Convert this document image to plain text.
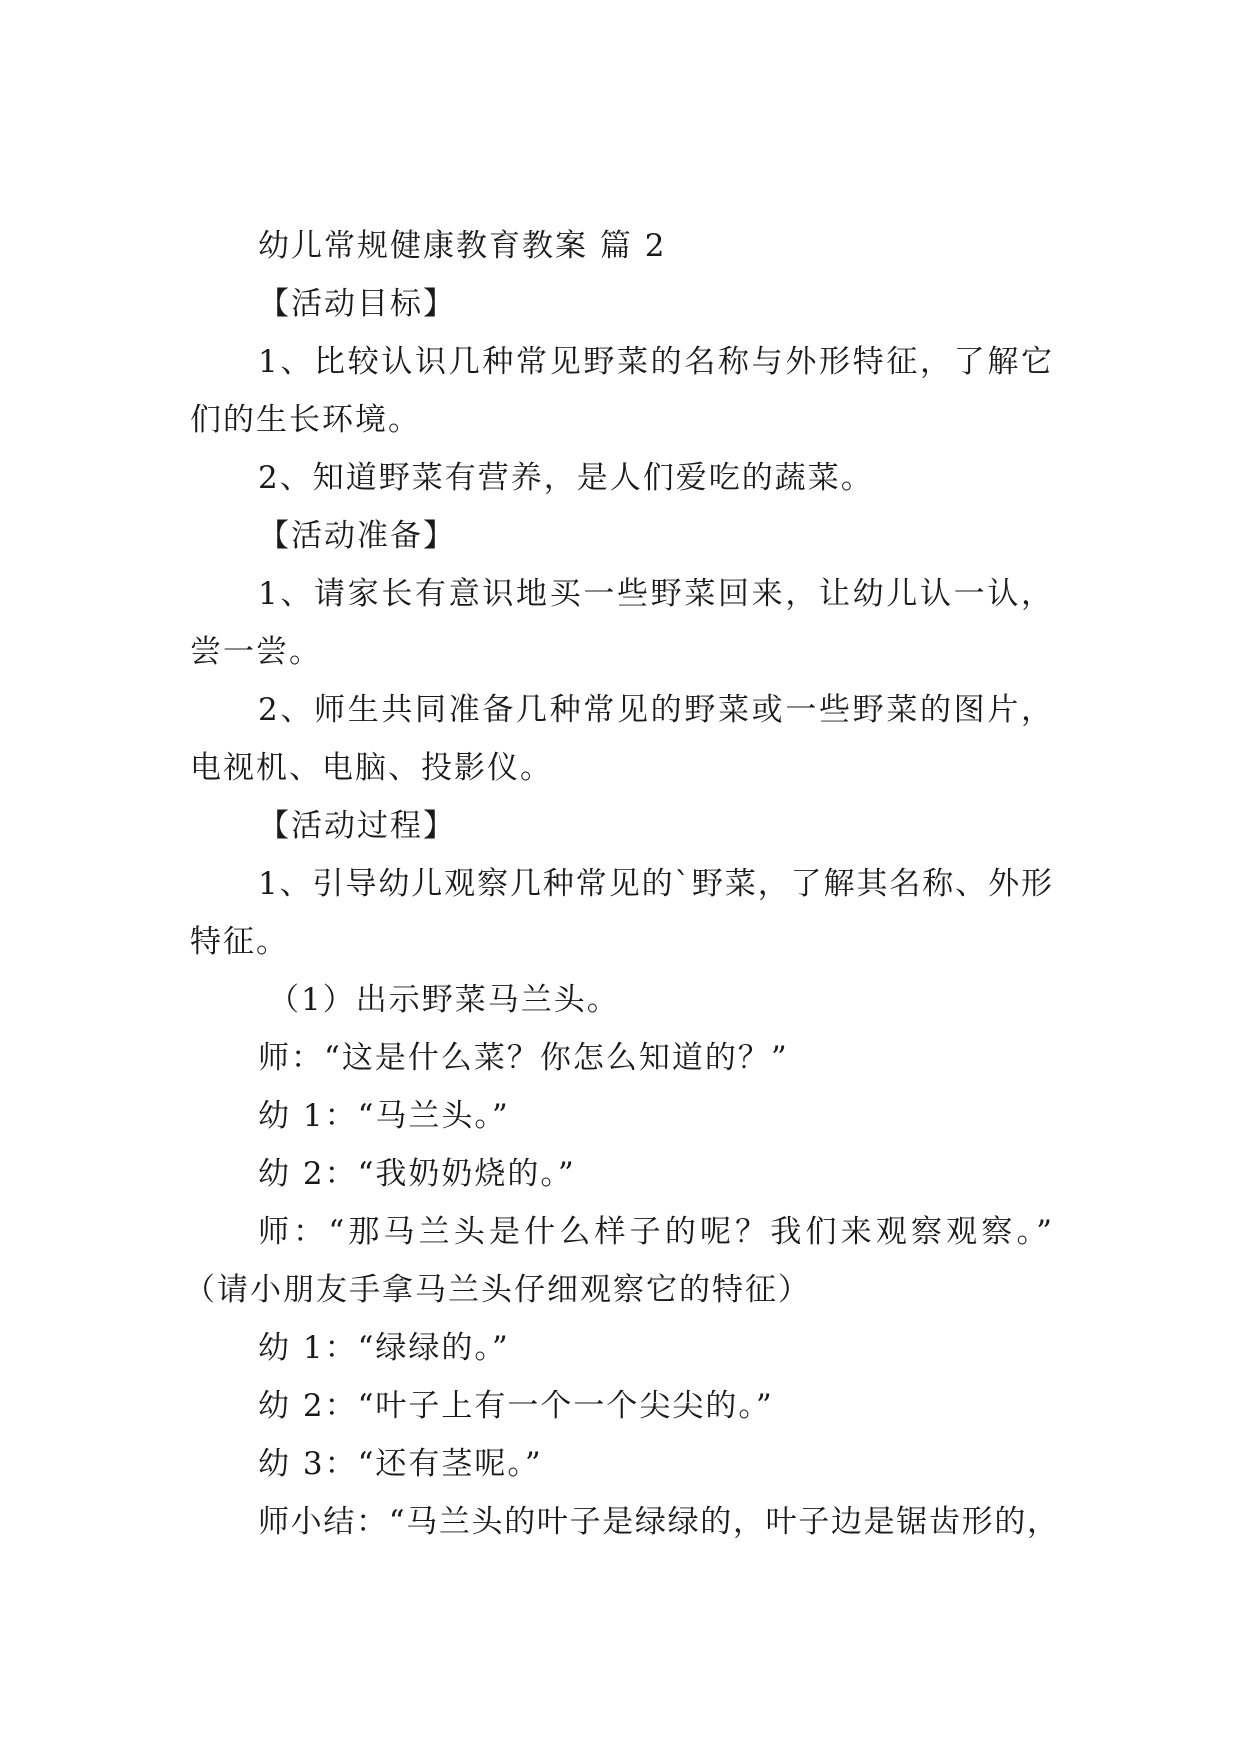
幼儿常规健康教育教案 篇 2
【活动目标】
1、比较认识几种常见野菜的名称与外形特征，了解它
们的生长环境。
2、知道野菜有营养，是人们爱吃的蔬菜。
【活动准备】
1、请家长有意识地买一些野菜回来，让幼儿认一认，
尝一尝。
2、师生共同准备几种常见的野菜或一些野菜的图片，
电视机、电脑、投影仪。
【活动过程】
1、引导幼儿观察几种常见的`野菜，了解其名称、外形
特征。
（1）出示野菜马兰头。
师：“这是什么菜？你怎么知道的？”
幼 1：“马兰头。”
幼 2：“我奶奶烧的。”
师：“那马兰头是什么样子的呢？我们来观察观察。”
（请小朋友手拿马兰头仔细观察它的特征）
幼 1：“绿绿的。”
幼 2：“叶子上有一个一个尖尖的。”
幼 3：“还有茎呢。”
师小结：“马兰头的叶子是绿绿的，叶子边是锯齿形的，
